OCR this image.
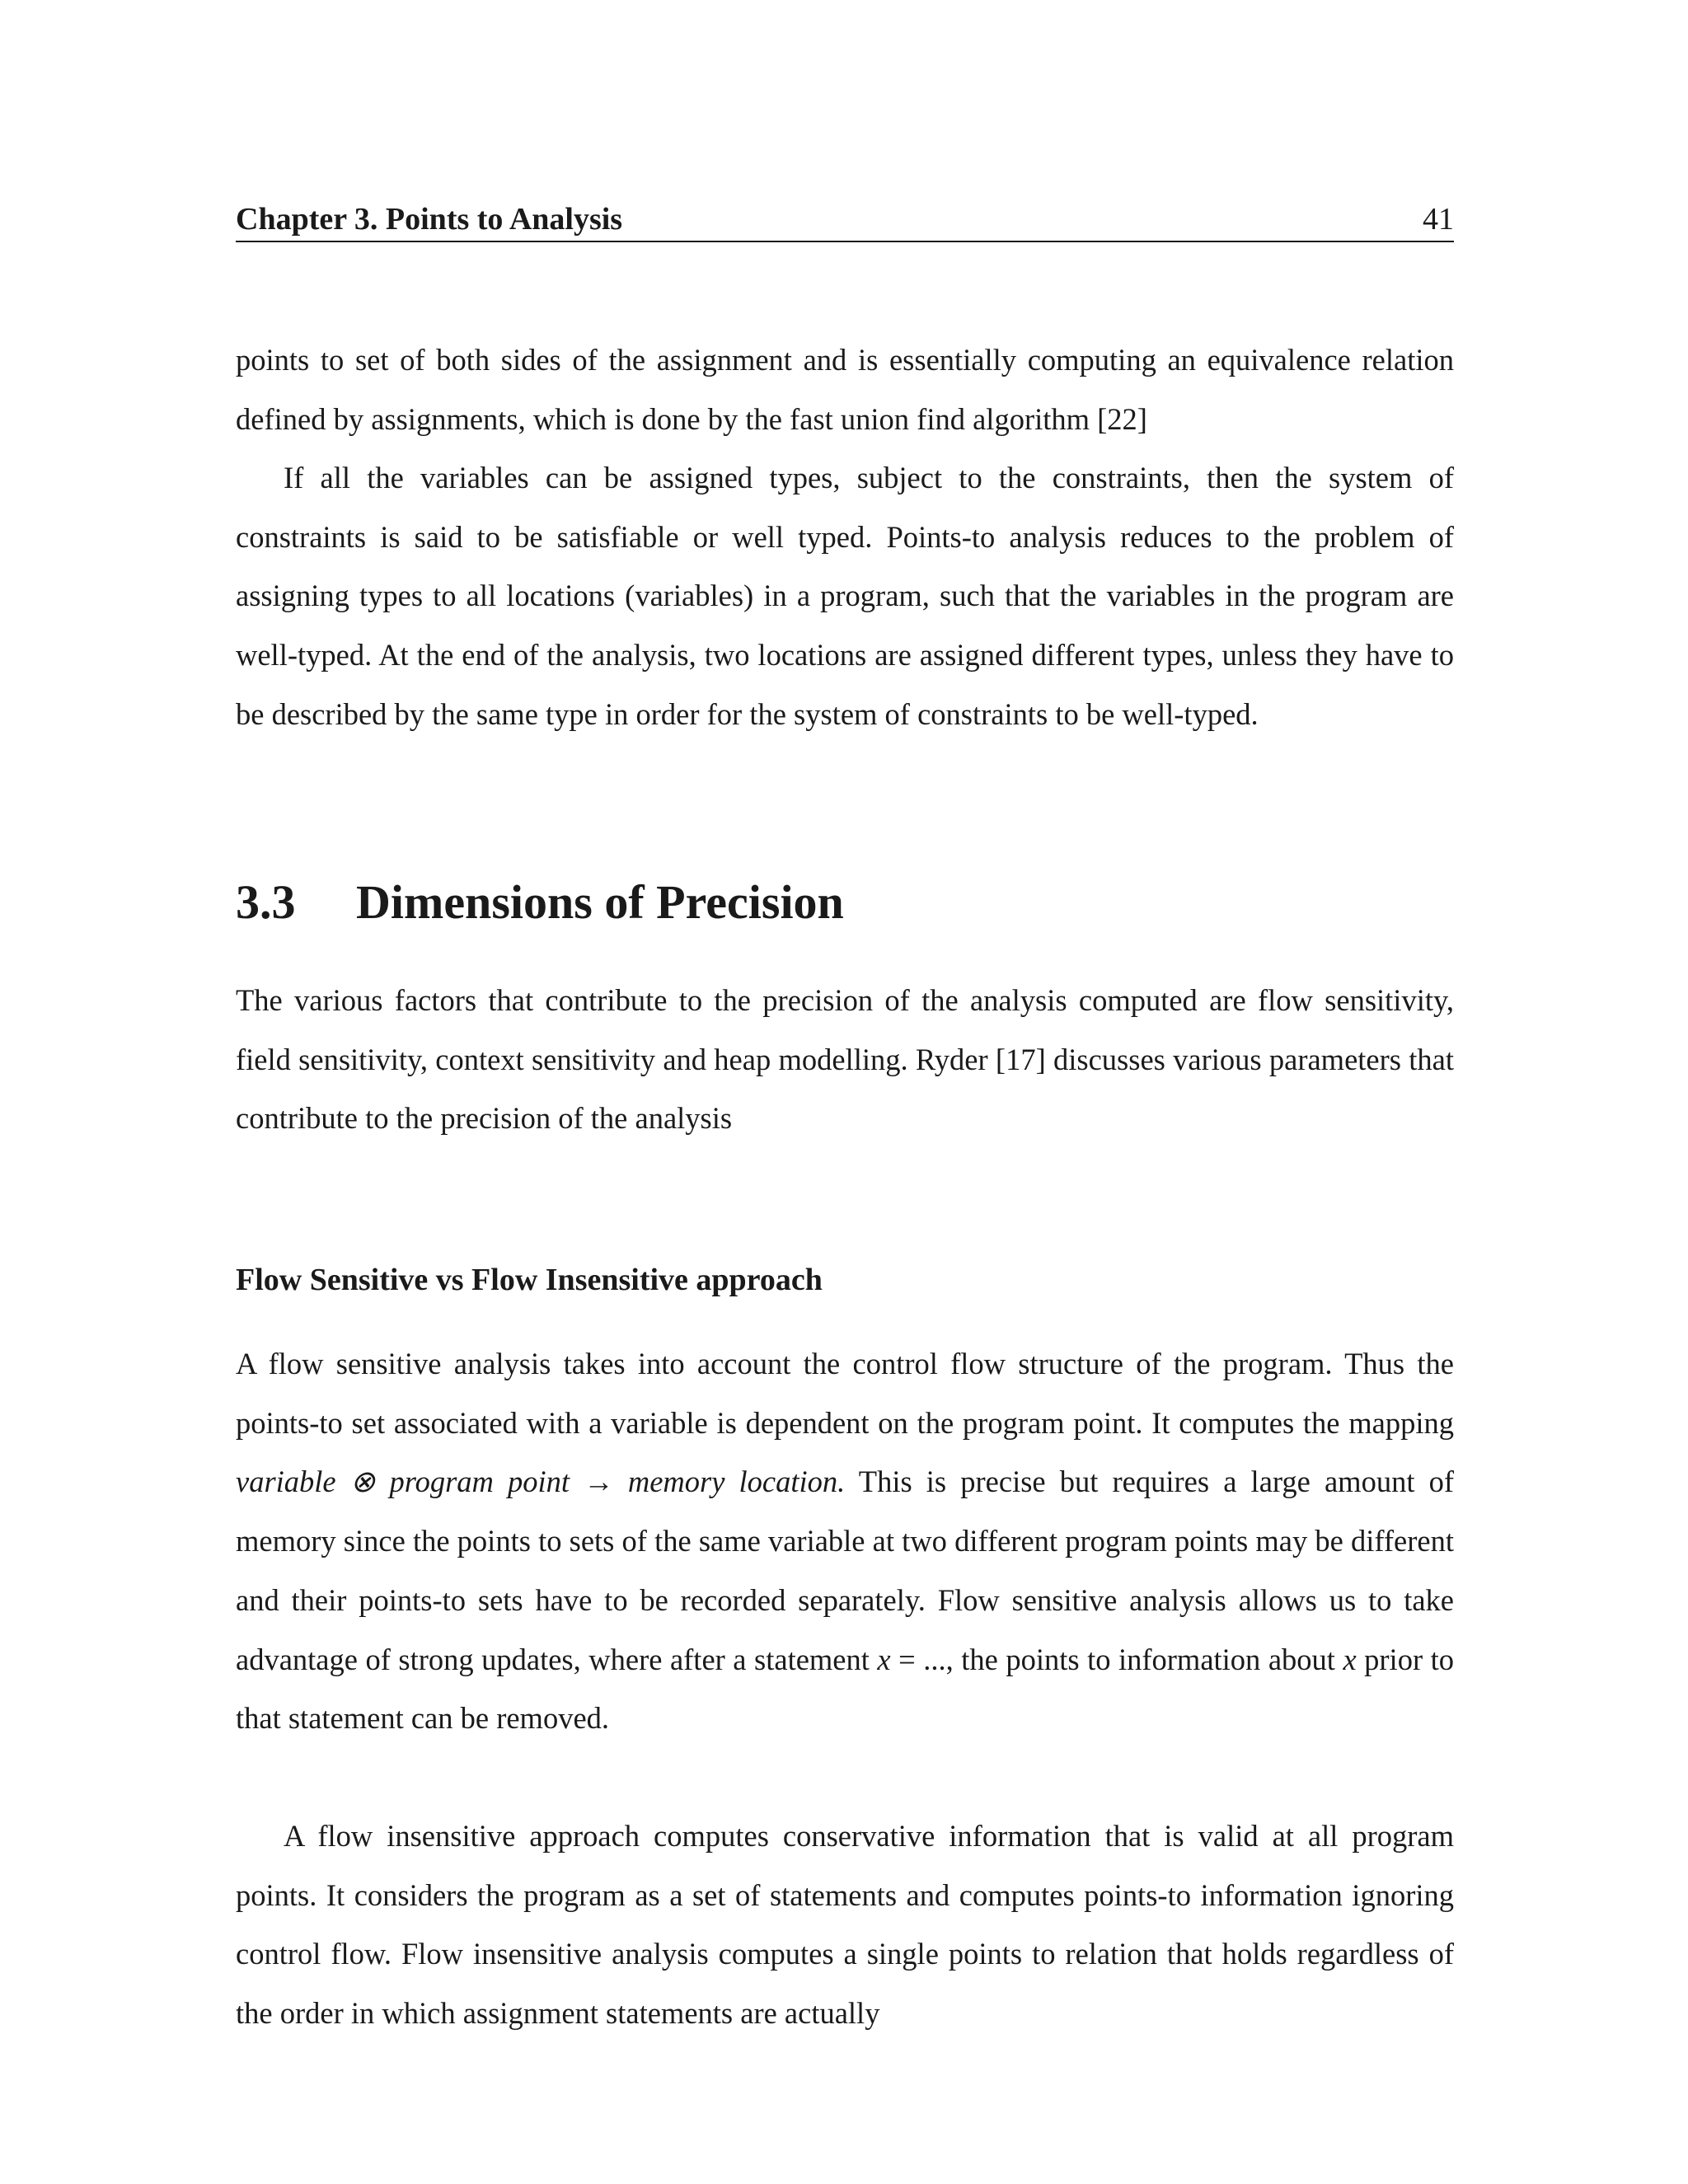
Chapter 3. Points to Analysis	41

points to set of both sides of the assignment and is essentially computing an equivalence relation defined by assignments, which is done by the fast union find algorithm [22]

If all the variables can be assigned types, subject to the constraints, then the system of constraints is said to be satisfiable or well typed. Points-to analysis reduces to the problem of assigning types to all locations (variables) in a program, such that the variables in the program are well-typed. At the end of the analysis, two locations are assigned different types, unless they have to be described by the same type in order for the system of constraints to be well-typed.

3.3 Dimensions of Precision

The various factors that contribute to the precision of the analysis computed are flow sensitivity, field sensitivity, context sensitivity and heap modelling. Ryder [17] discusses various parameters that contribute to the precision of the analysis

Flow Sensitive vs Flow Insensitive approach

A flow sensitive analysis takes into account the control flow structure of the program. Thus the points-to set associated with a variable is dependent on the program point. It computes the mapping variable ⊗ program point → memory location. This is precise but requires a large amount of memory since the points to sets of the same variable at two different program points may be different and their points-to sets have to be recorded separately. Flow sensitive analysis allows us to take advantage of strong updates, where after a statement x = ..., the points to information about x prior to that statement can be removed.

A flow insensitive approach computes conservative information that is valid at all program points. It considers the program as a set of statements and computes points-to information ignoring control flow. Flow insensitive analysis computes a single points to relation that holds regardless of the order in which assignment statements are actually
